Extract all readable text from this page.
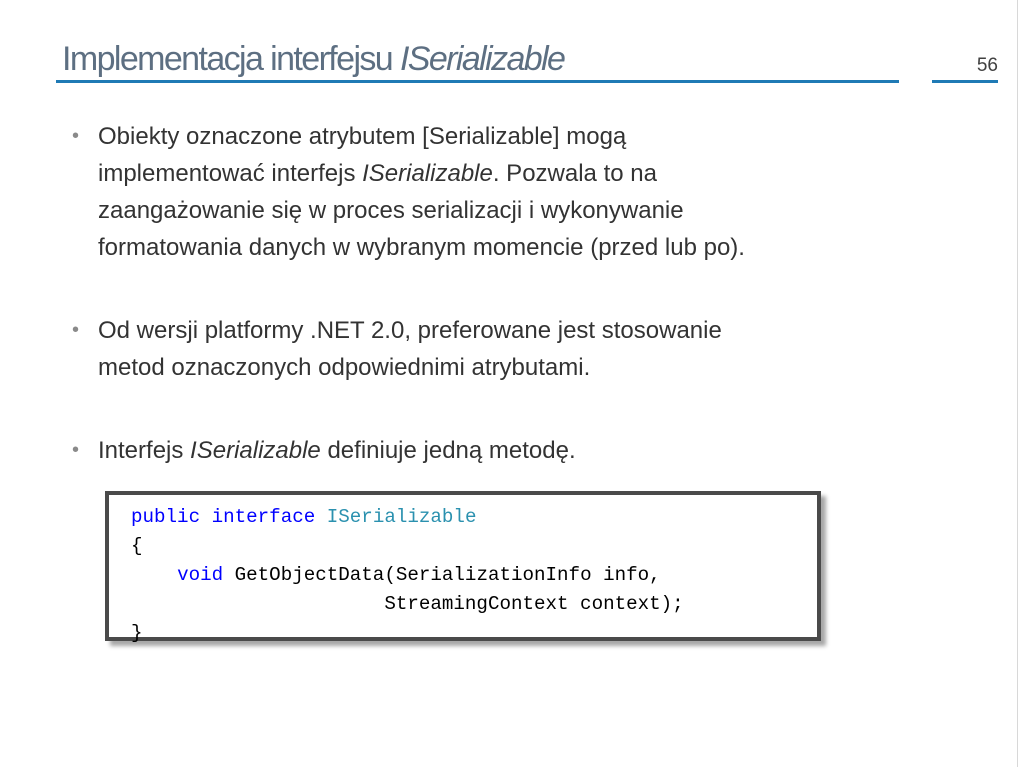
Implementacja interfejsu ISerializable	56
• Obiekty oznaczone atrybutem [Serializable] mogą
implementować interfejs ISerializable. Pozwala to na
zaangażowanie się w proces serializacji i wykonywanie
formatowania danych w wybranym momencie (przed lub po).
• Od wersji platformy .NET 2.0, preferowane jest stosowanie
metod oznaczonych odpowiednimi atrybutami.
• Interfejs ISerializable definiuje jedną metodę.
public interface ISerializable
{
void GetObjectData(SerializationInfo info,
StreamingContext context);
}
